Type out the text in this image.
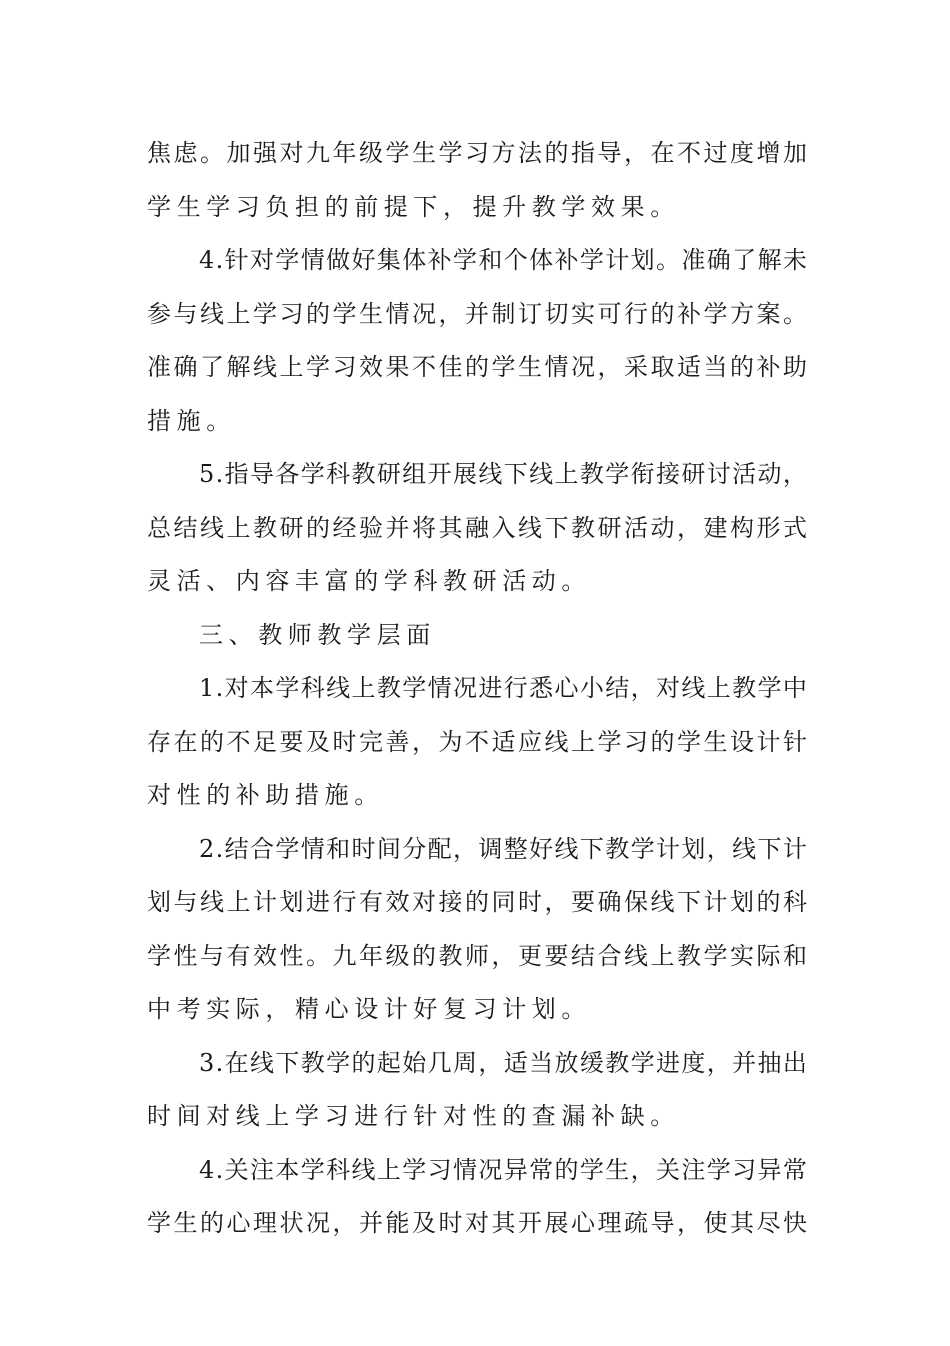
焦 虑 。 加 强 对 九 年 级 学 生 学 习 方 法 的 指 导 ， 在 不 过 度 增 加
学生学习负担的前提下，提升教学效果。
4 . 针 对 学 情 做 好 集 体 补 学 和 个 体 补 学 计 划 。 准 确 了 解 未
参 与 线 上 学 习 的 学 生 情 况 ， 并 制 订 切 实 可 行 的 补 学 方 案 。
准 确 了 解 线 上 学 习 效 果 不 佳 的 学 生 情 况 ， 采 取 适 当 的 补 助
措施。
5 . 指 导 各 学 科 教 研 组 开 展 线 下 线 上 教 学 衔 接 研 讨 活 动 ，
总 结 线 上 教 研 的 经 验 并 将 其 融 入 线 下 教 研 活 动 ， 建 构 形 式
灵活、内容丰富的学科教研活动。
三、教师教学层面
1 . 对 本 学 科 线 上 教 学 情 况 进 行 悉 心 小 结 ， 对 线 上 教 学 中
存 在 的 不 足 要 及 时 完 善 ， 为 不 适 应 线 上 学 习 的 学 生 设 计 针
对性的补助措施。
2 . 结 合 学 情 和 时 间 分 配 ， 调 整 好 线 下 教 学 计 划 ， 线 下 计
划 与 线 上 计 划 进 行 有 效 对 接 的 同 时 ， 要 确 保 线 下 计 划 的 科
学 性 与 有 效 性 。 九 年 级 的 教 师 ， 更 要 结 合 线 上 教 学 实 际 和
中考实际，精心设计好复习计划。
3 . 在 线 下 教 学 的 起 始 几 周 ， 适 当 放 缓 教 学 进 度 ， 并 抽 出
时间对线上学习进行针对性的查漏补缺。
4 . 关 注 本 学 科 线 上 学 习 情 况 异 常 的 学 生 ， 关 注 学 习 异 常
学 生 的 心 理 状 况 ， 并 能 及 时 对 其 开 展 心 理 疏 导 ， 使 其 尽 快
